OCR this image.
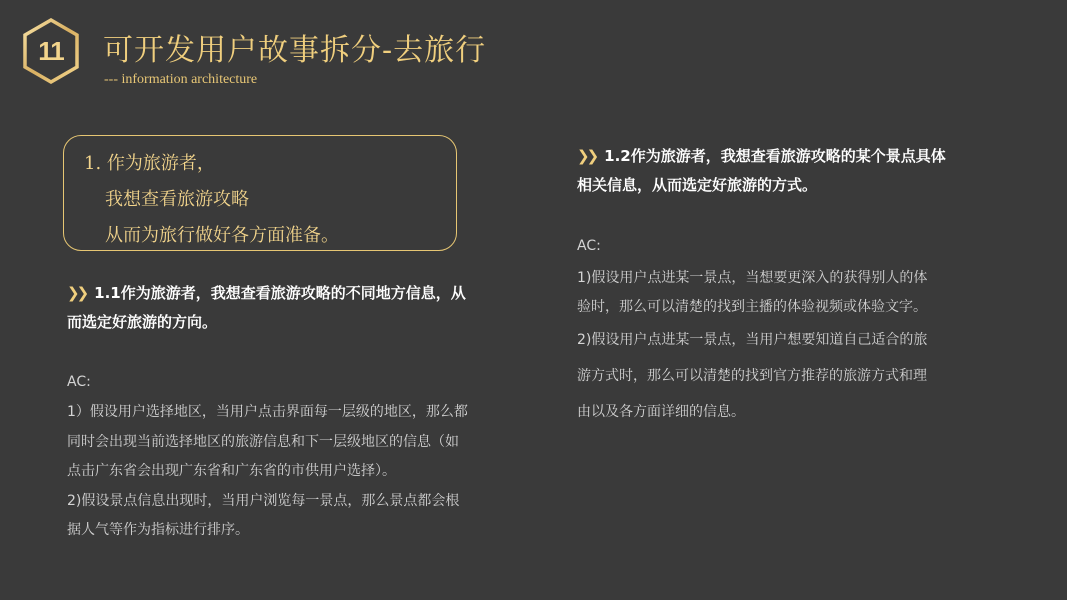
11	可开发用户故事拆分-去旅行
--- information architecture
1. 作为旅游者，
我想查看旅游攻略
从而为旅行做好各方面准备。
❯❯ 1.1作为旅游者，我想查看旅游攻略的不同地方信息，从
而选定好旅游的方向。
AC:
1）假设用户选择地区，当用户点击界面每一层级的地区，那么都
同时会出现当前选择地区的旅游信息和下一层级地区的信息（如
点击广东省会出现广东省和广东省的市供用户选择）。
2)假设景点信息出现时，当用户浏览每一景点，那么景点都会根
据人气等作为指标进行排序。
❯❯ 1.2作为旅游者，我想查看旅游攻略的某个景点具体
相关信息，从而选定好旅游的方式。
AC:
1)假设用户点进某一景点，当想要更深入的获得别人的体
验时，那么可以清楚的找到主播的体验视频或体验文字。
2)假设用户点进某一景点，当用户想要知道自己适合的旅
游方式时，那么可以清楚的找到官方推荐的旅游方式和理
由以及各方面详细的信息。
